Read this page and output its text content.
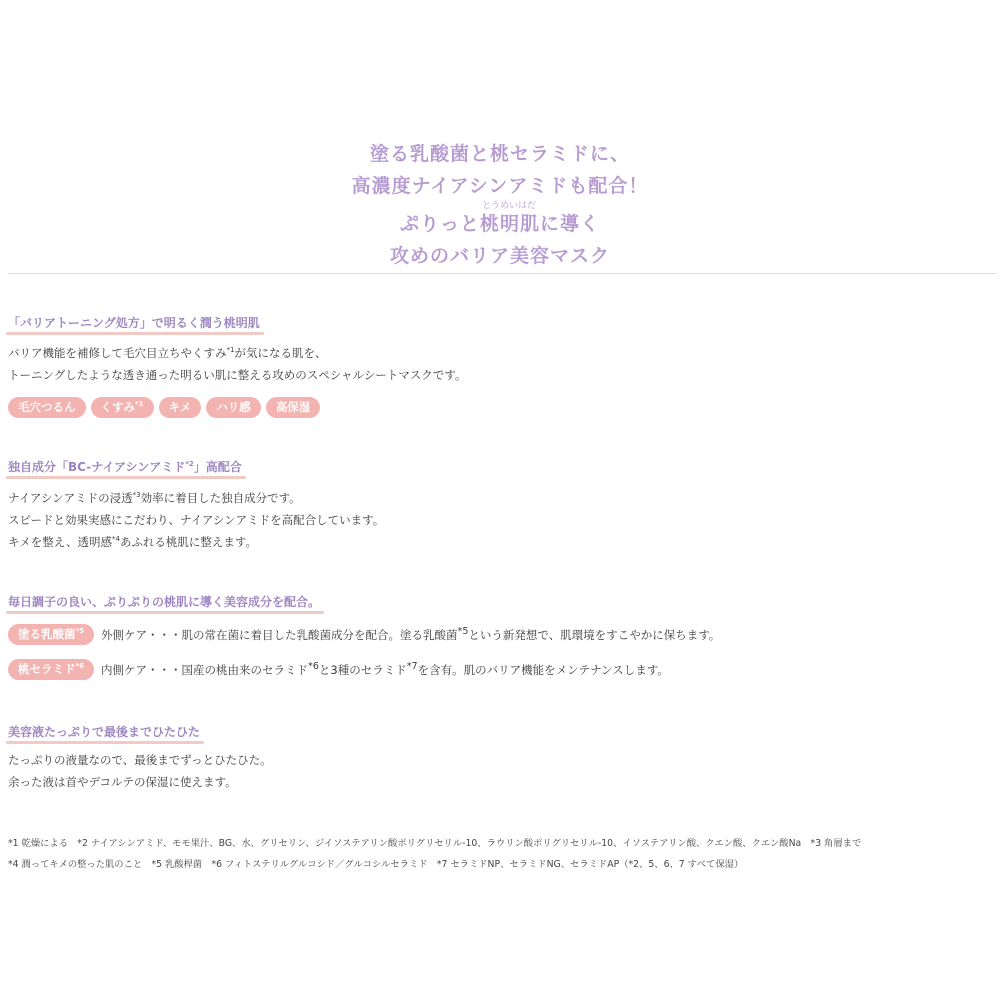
塗る乳酸菌と桃セラミドに、
高濃度ナイアシンアミドも配合！
とうめいはだ
ぷりっと桃明肌に導く
攻めのバリア美容マスク
「バリアトーニング処方」で明るく潤う桃明肌
バリア機能を補修して毛穴目立ちやくすみ$^{*1}$が気になる肌を、
トーニングしたような透き通った明るい肌に整える攻めのスペシャルシートマスクです。
毛穴つるん	くすみ$^{*1}$	キメ	ハリ感	高保湿
独自成分「BC-ナイアシンアミド$^{*2}$」高配合
ナイアシンアミドの浸透$^{*3}$効率に着目した独自成分です。
スピードと効果実感にこだわり、ナイアシンアミドを高配合しています。
キメを整え、透明感$^{*4}$あふれる桃肌に整えます。
毎日調子の良い、ぷりぷりの桃肌に導く美容成分を配合。
塗る乳酸菌$^{*5}$	外側ケア・・・肌の常在菌に着目した乳酸菌成分を配合。塗る乳酸菌$^{*5}$という新発想で、肌環境をすこやかに保ちます。
桃セラミド$^{*6}$	内側ケア・・・国産の桃由来のセラミド$^{*6}$と3種のセラミド$^{*7}$を含有。肌のバリア機能をメンテナンスします。
美容液たっぷりで最後までひたひた
たっぷりの液量なので、最後までずっとひたひた。
余った液は首やデコルテの保湿に使えます。
*1 乾燥による　*2 ナイアシンアミド、モモ果汁、BG、水、グリセリン、ジイソステアリン酸ポリグリセリル-10、ラウリン酸ポリグリセリル-10、イソステアリン酸、クエン酸、クエン酸Na　*3 角層まで
*4 潤ってキメの整った肌のこと　*5 乳酸桿菌　*6 フィトステリルグルコシド／グルコシルセラミド　*7 セラミドNP、セラミドNG、セラミドAP（*2、5、6、7 すべて保湿）
